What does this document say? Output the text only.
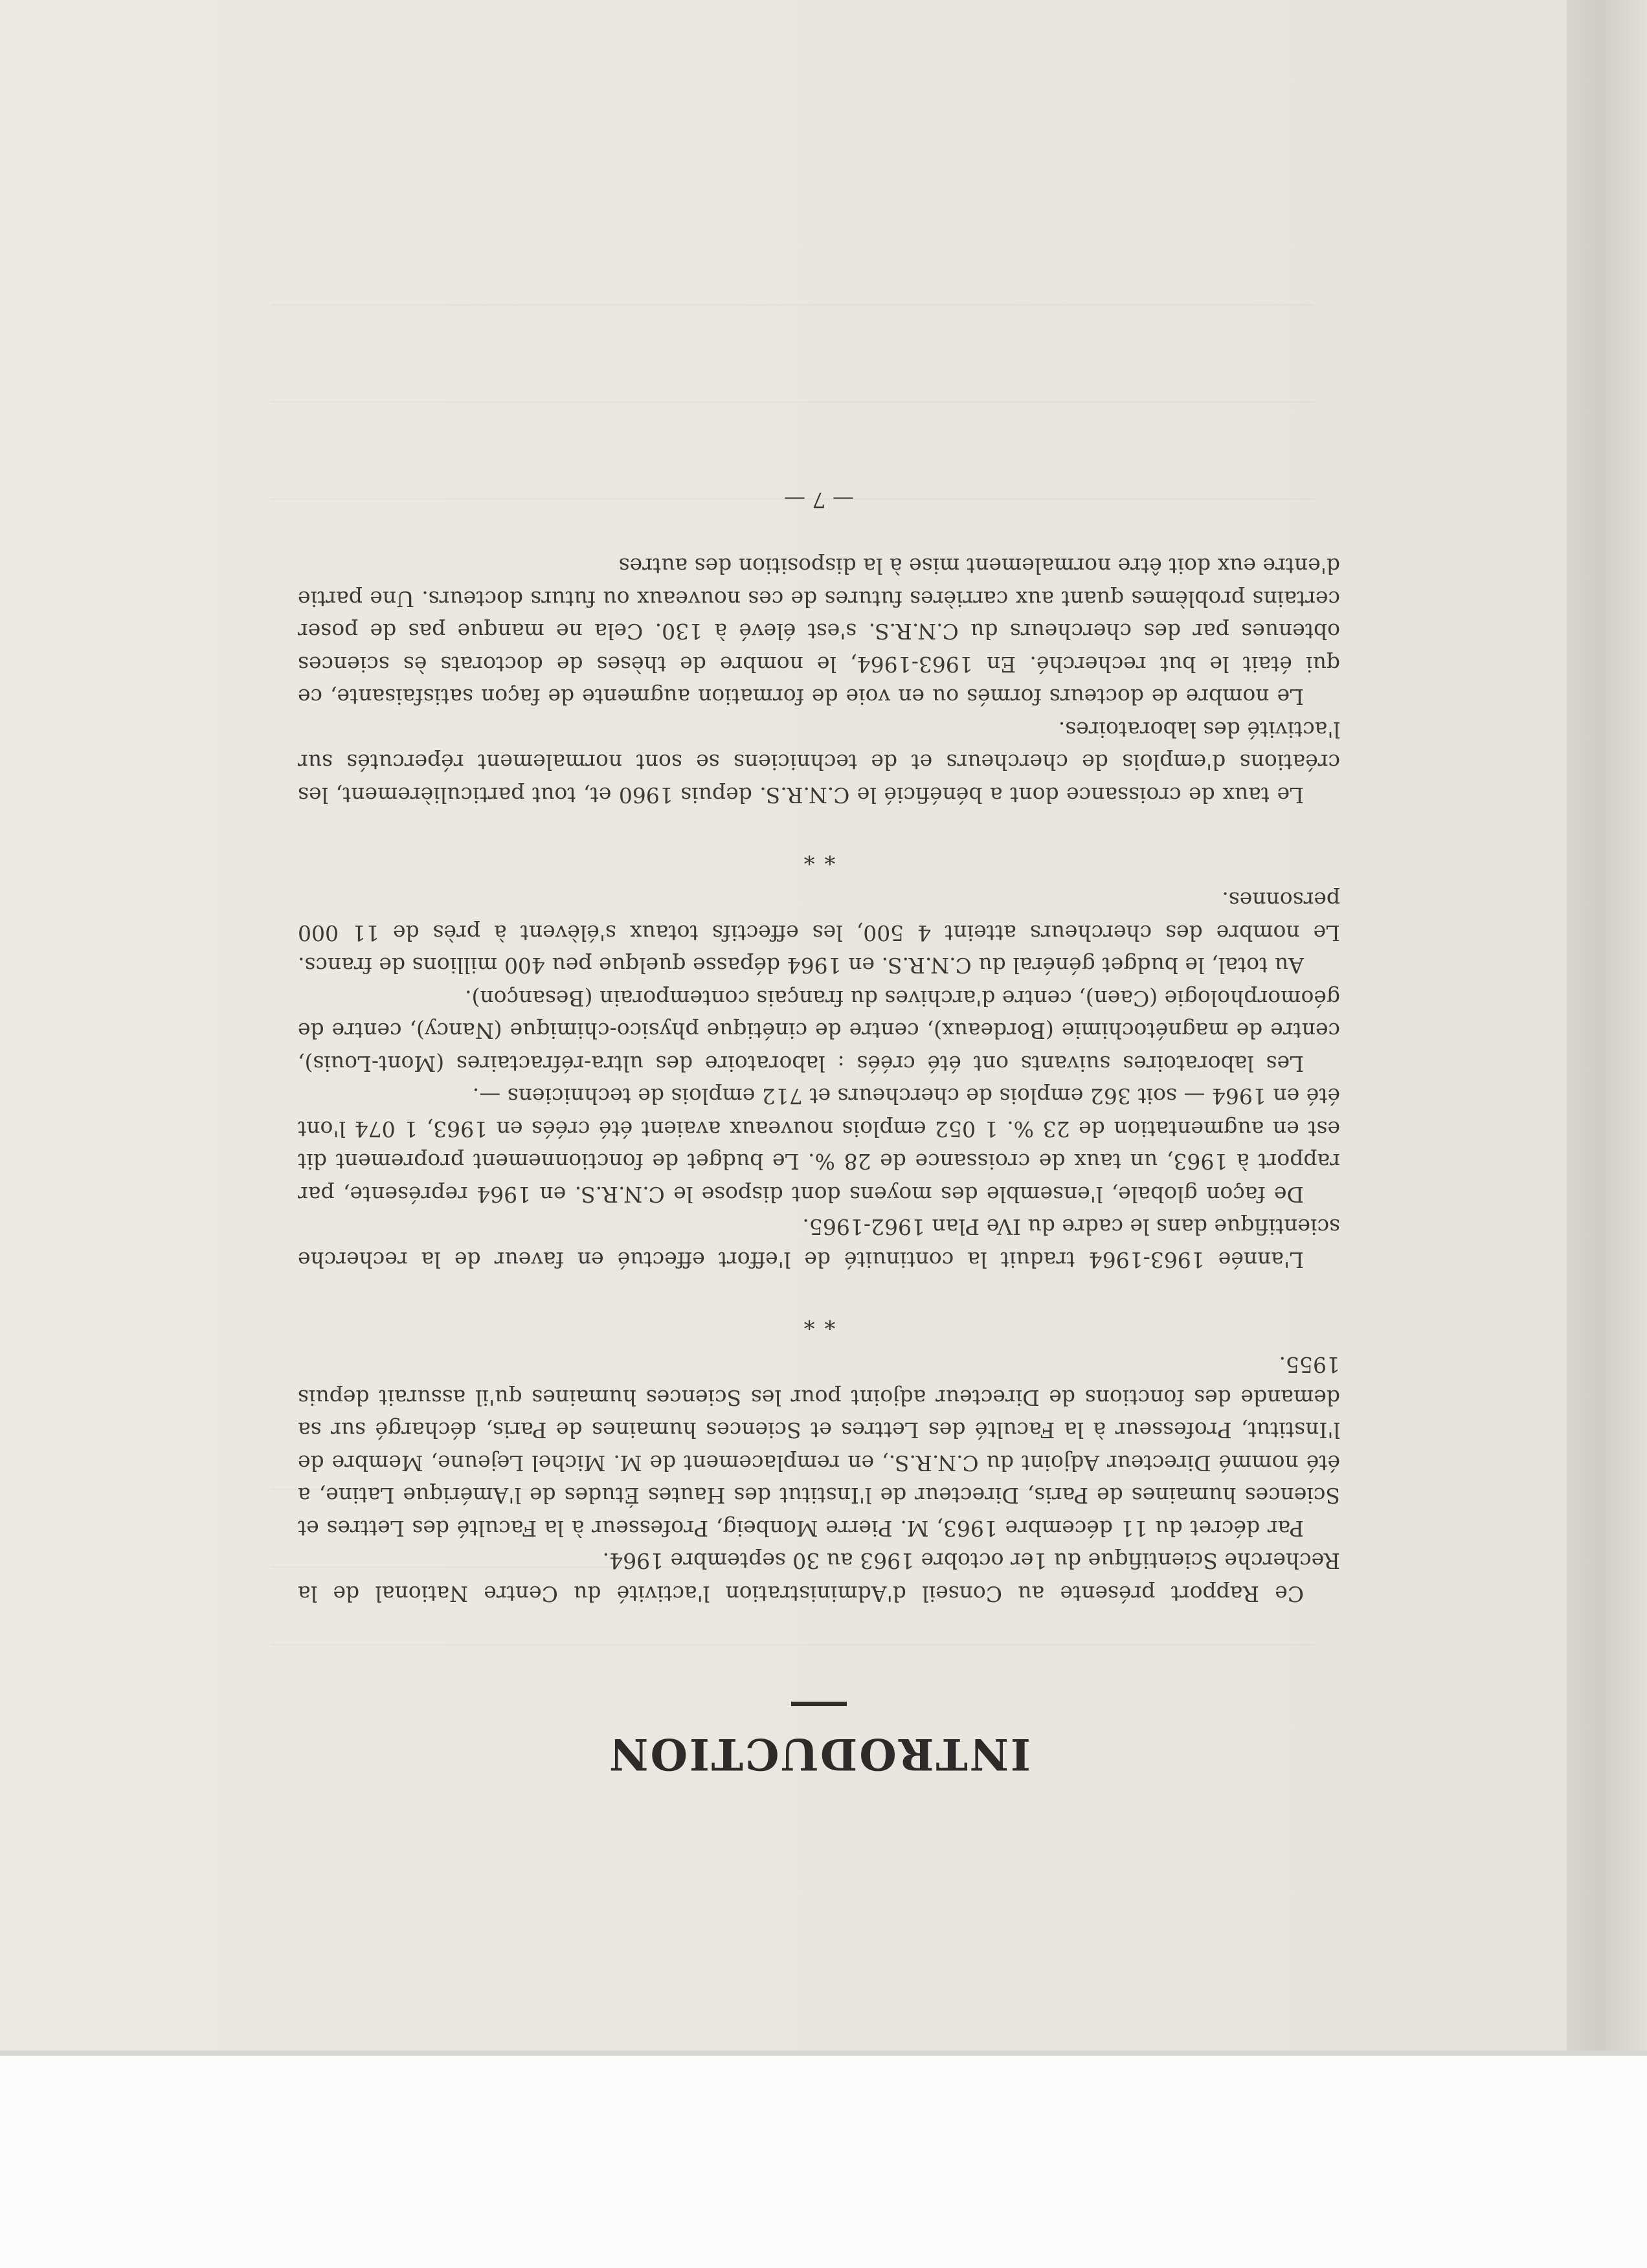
INTRODUCTION

Ce Rapport présente au Conseil d'Administration l'activité du Centre National de la Recherche Scientifique du 1er octobre 1963 au 30 septembre 1964.

Par décret du 11 décembre 1963, M. Pierre Monbeig, Professeur à la Faculté des Lettres et Sciences humaines de Paris, Directeur de l'Institut des Hautes Études de l'Amérique Latine, a été nommé Directeur Adjoint du C.N.R.S., en remplacement de M. Michel Lejeune, Membre de l'Institut, Professeur à la Faculté des Lettres et Sciences humaines de Paris, déchargé sur sa demande des fonctions de Directeur adjoint pour les Sciences humaines qu'il assurait depuis 1955.

* *

L'année 1963-1964 traduit la continuité de l'effort effectué en faveur de la recherche scientifique dans le cadre du IVe Plan 1962-1965.

De façon globale, l'ensemble des moyens dont dispose le C.N.R.S. en 1964 représente, par rapport à 1963, un taux de croissance de 28 %. Le budget de fonctionnement proprement dit est en augmentation de 23 %. 1 052 emplois nouveaux avaient été créés en 1963, 1 074 l'ont été en 1964 — soit 362 emplois de chercheurs et 712 emplois de techniciens —.

Les laboratoires suivants ont été créés : laboratoire des ultra-réfractaires (Mont-Louis), centre de magnétochimie (Bordeaux), centre de cinétique physico-chimique (Nancy), centre de géomorphologie (Caen), centre d'archives du français contemporain (Besançon).

Au total, le budget général du C.N.R.S. en 1964 dépasse quelque peu 400 millions de francs. Le nombre des chercheurs atteint 4 500, les effectifs totaux s'élèvent à près de 11 000 personnes.

* *

Le taux de croissance dont a bénéficié le C.N.R.S. depuis 1960 et, tout particulièrement, les créations d'emplois de chercheurs et de techniciens se sont normalement répercutés sur l'activité des laboratoires.

Le nombre de docteurs formés ou en voie de formation augmente de façon satisfaisante, ce qui était le but recherché. En 1963-1964, le nombre de thèses de doctorats ès sciences obtenues par des chercheurs du C.N.R.S. s'est élevé à 130. Cela ne manque pas de poser certains problèmes quant aux carrières futures de ces nouveaux ou futurs docteurs. Une partie d'entre eux doit être normalement mise à la disposition des autres

— 7 —
